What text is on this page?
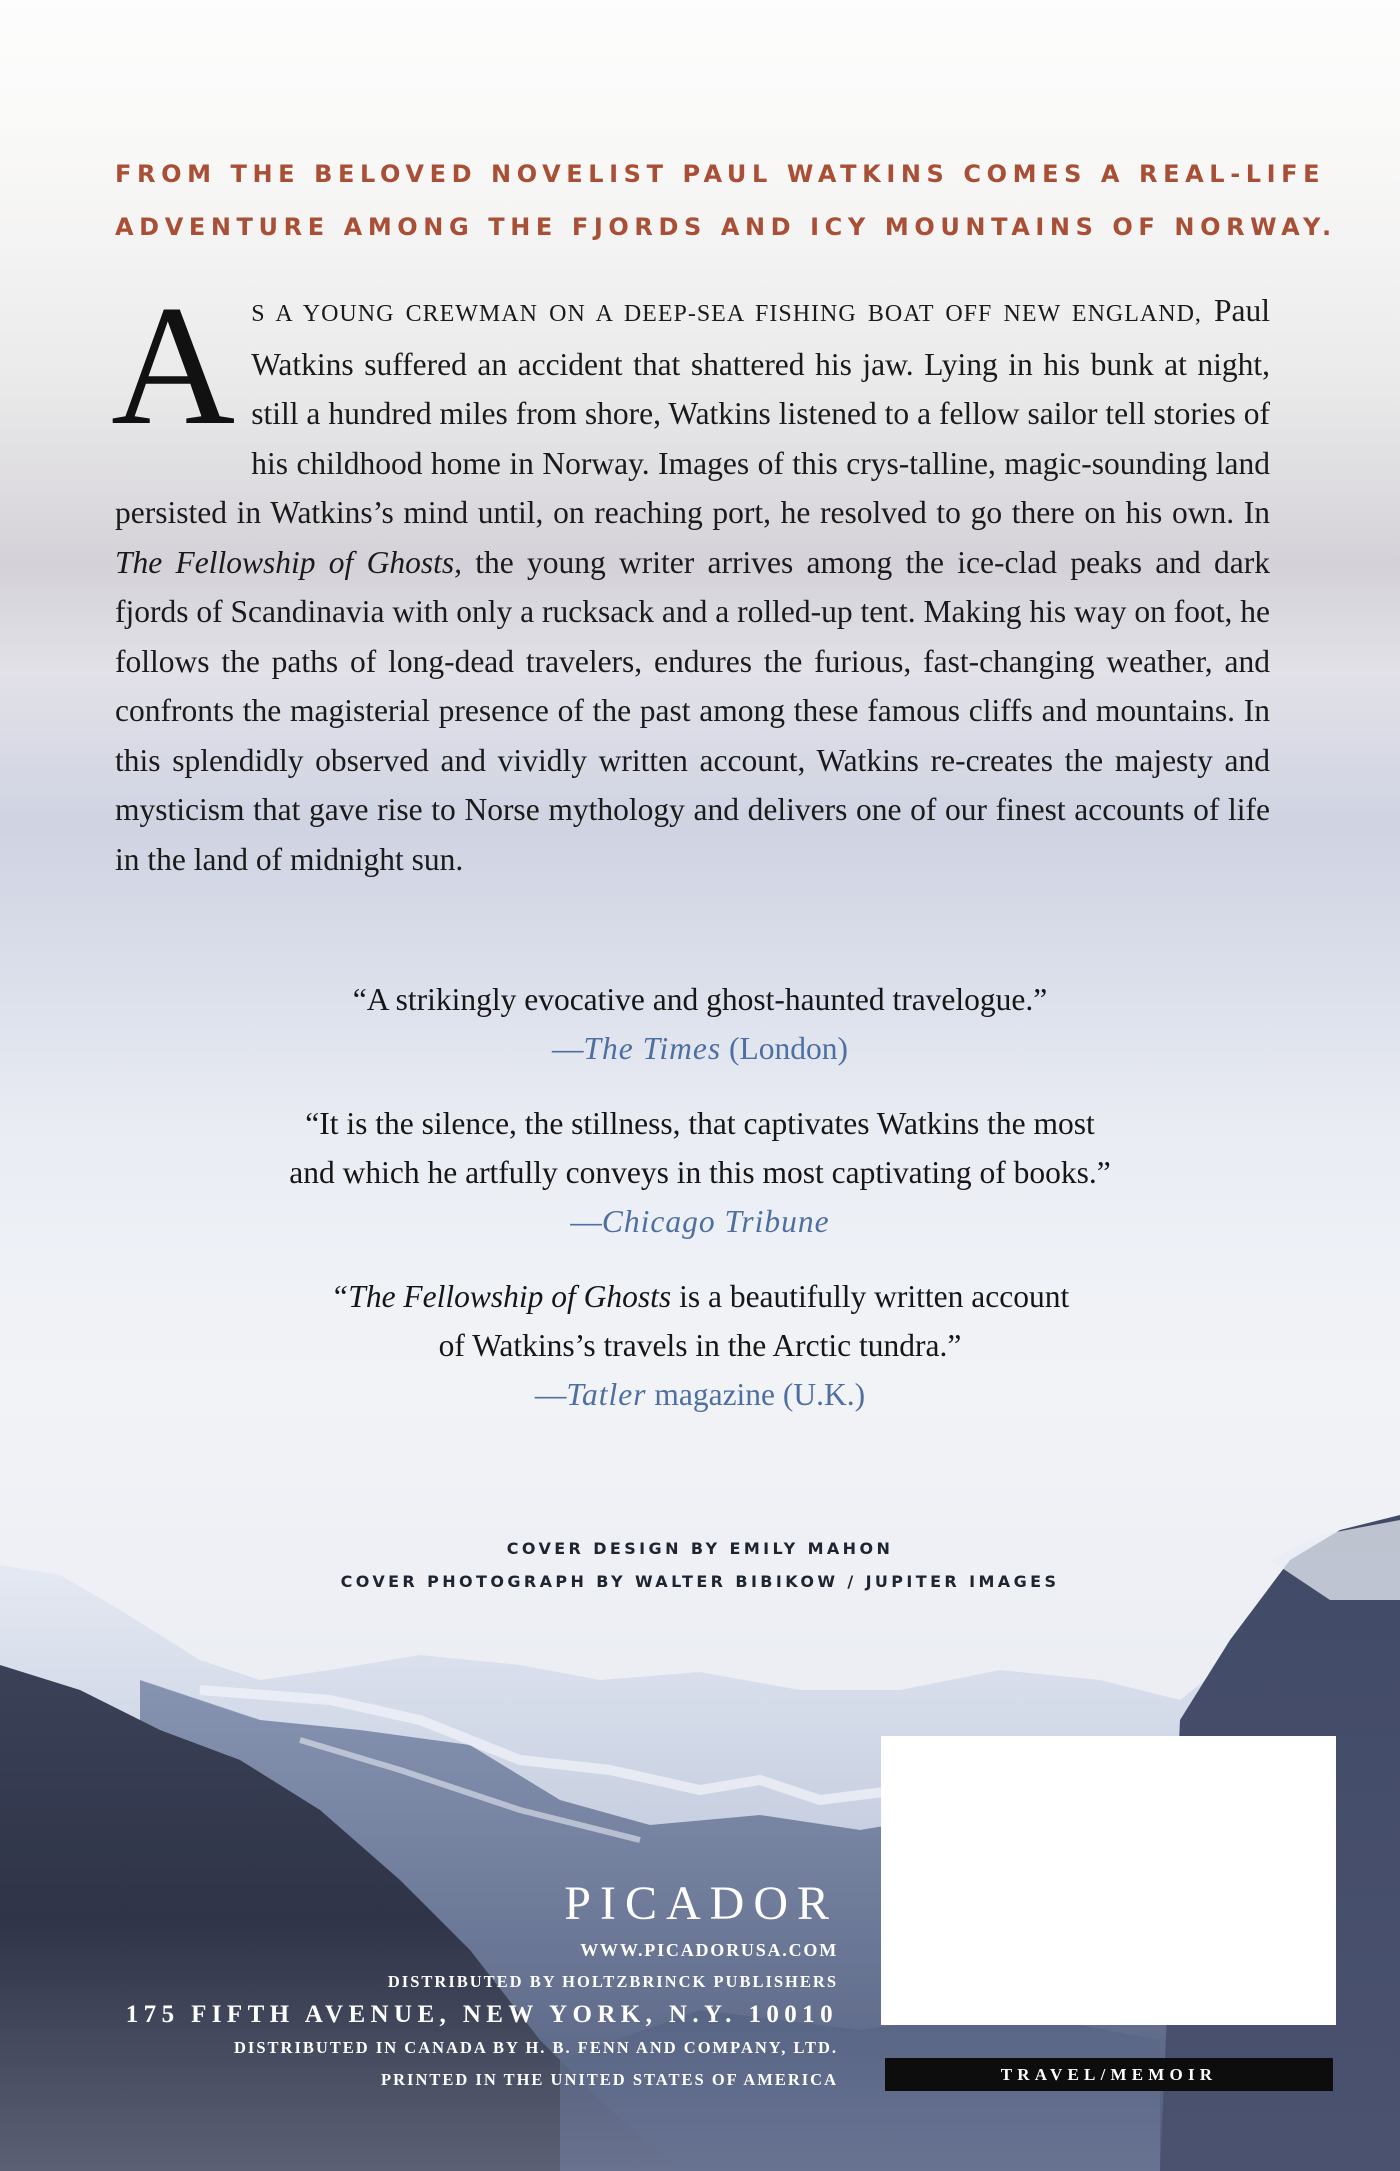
FROM THE BELOVED NOVELIST PAUL WATKINS COMES A REAL-LIFE
ADVENTURE AMONG THE FJORDS AND ICY MOUNTAINS OF NORWAY.
A S A YOUNG CREWMAN ON A DEEP-SEA FISHING BOAT OFF NEW ENGLAND, Paul Watkins suffered an accident that shattered his jaw. Lying in his bunk at night, still a hundred miles from shore, Watkins listened to a fellow sailor tell stories of his childhood home in Norway. Images of this crys-talline, magic-sounding land persisted in Watkins’s mind until, on reaching port, he resolved to go there on his own. In The Fellowship of Ghosts, the young writer arrives among the ice-clad peaks and dark fjords of Scandinavia with only a rucksack and a rolled-up tent. Making his way on foot, he follows the paths of long-dead travelers, endures the furious, fast-changing weather, and confronts the magisterial presence of the past among these famous cliffs and mountains. In this splendidly observed and vividly written account, Watkins re-creates the majesty and mysticism that gave rise to Norse mythology and delivers one of our finest accounts of life in the land of midnight sun.
“A strikingly evocative and ghost-haunted travelogue.”
—The Times (London)
“It is the silence, the stillness, that captivates Watkins the most
and which he artfully conveys in this most captivating of books.”
—Chicago Tribune
“The Fellowship of Ghosts is a beautifully written account
of Watkins’s travels in the Arctic tundra.”
—Tatler magazine (U.K.)
COVER DESIGN BY EMILY MAHON
COVER PHOTOGRAPH BY WALTER BIBIKOW / JUPITER IMAGES
PICADOR
WWW.PICADORUSA.COM
DISTRIBUTED BY HOLTZBRINCK PUBLISHERS
175 FIFTH AVENUE, NEW YORK, N.Y. 10010
DISTRIBUTED IN CANADA BY H. B. FENN AND COMPANY, LTD.
PRINTED IN THE UNITED STATES OF AMERICA	TRAVEL/MEMOIR
